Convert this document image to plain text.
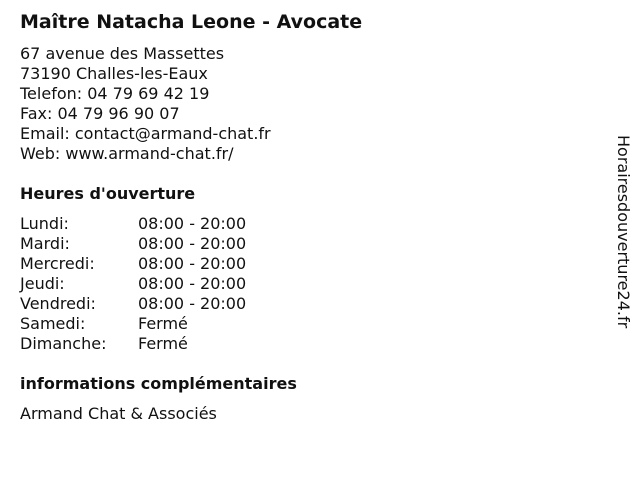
Maître Natacha Leone - Avocate
67 avenue des Massettes
73190 Challes-les-Eaux
Telefon: 04 79 69 42 19
Fax: 04 79 96 90 07
Email: contact@armand-chat.fr
Web: www.armand-chat.fr/
Heures d'ouverture
Lundi:	08:00 - 20:00
Mardi:	08:00 - 20:00
Mercredi:	08:00 - 20:00
Jeudi:	08:00 - 20:00
Vendredi:	08:00 - 20:00
Samedi:	Fermé
Dimanche:	Fermé
informations complémentaires
Armand Chat & Associés
Horairesdouverture24.fr
